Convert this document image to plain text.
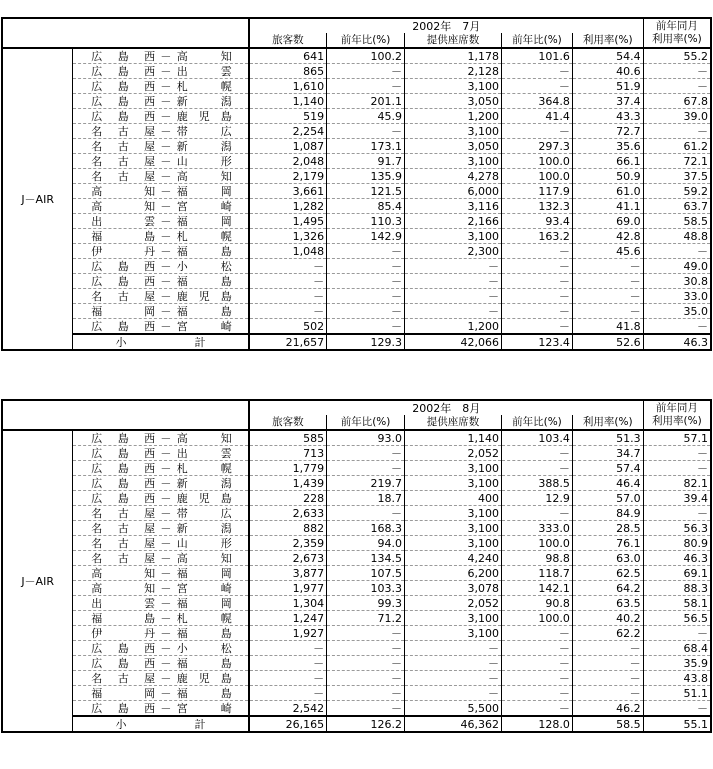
		2002年　7月					前年同月
利用率(%)

		旅客数	前年比(%)	提供座席数	前年比(%)	利用率(%)	
J－AIR	広島西 － 高　知	641	100.2	1,178	101.6	54.4	55.2

	広島西 － 出　雲	865	－	2,128	－	40.6	－

	広島西 － 札　幌	1,610	－	3,100	－	51.9	－

	広島西 － 新　潟	1,140	201.1	3,050	364.8	37.4	67.8

	広島西 － 鹿児島	519	45.9	1,200	41.4	43.3	39.0

	名古屋 － 帯　広	2,254	－	3,100	－	72.7	－

	名古屋 － 新　潟	1,087	173.1	3,050	297.3	35.6	61.2

	名古屋 － 山　形	2,048	91.7	3,100	100.0	66.1	72.1

	名古屋 － 高　知	2,179	135.9	4,278	100.0	50.9	37.5

	高　知 － 福　岡	3,661	121.5	6,000	117.9	61.0	59.2

	高　知 － 宮　崎	1,282	85.4	3,116	132.3	41.1	63.7

	出　雲 － 福　岡	1,495	110.3	2,166	93.4	69.0	58.5

	福　島 － 札　幌	1,326	142.9	3,100	163.2	42.8	48.8

	伊　丹 － 福　島	1,048	－	2,300	－	45.6	－

	広島西 － 小　松	－	－	－	－	－	49.0

	広島西 － 福　島	－	－	－	－	－	30.8

	名古屋 － 鹿児島	－	－	－	－	－	33.0

	福　岡 － 福　島	－	－	－	－	－	35.0

	広島西 － 宮　崎	502	－	1,200	－	41.8	－
	小　　計	21,657	129.3	42,066	123.4	52.6	46.3
		2002年　8月					前年同月
利用率(%)

		旅客数	前年比(%)	提供座席数	前年比(%)	利用率(%)	
J－AIR	広島西 － 高　知	585	93.0	1,140	103.4	51.3	57.1

	広島西 － 出　雲	713	－	2,052	－	34.7	－

	広島西 － 札　幌	1,779	－	3,100	－	57.4	－

	広島西 － 新　潟	1,439	219.7	3,100	388.5	46.4	82.1

	広島西 － 鹿児島	228	18.7	400	12.9	57.0	39.4

	名古屋 － 帯　広	2,633	－	3,100	－	84.9	－

	名古屋 － 新　潟	882	168.3	3,100	333.0	28.5	56.3

	名古屋 － 山　形	2,359	94.0	3,100	100.0	76.1	80.9

	名古屋 － 高　知	2,673	134.5	4,240	98.8	63.0	46.3

	高　知 － 福　岡	3,877	107.5	6,200	118.7	62.5	69.1

	高　知 － 宮　崎	1,977	103.3	3,078	142.1	64.2	88.3

	出　雲 － 福　岡	1,304	99.3	2,052	90.8	63.5	58.1

	福　島 － 札　幌	1,247	71.2	3,100	100.0	40.2	56.5

	伊　丹 － 福　島	1,927	－	3,100	－	62.2	－

	広島西 － 小　松	－	－	－	－	－	68.4

	広島西 － 福　島	－	－	－	－	－	35.9

	名古屋 － 鹿児島	－	－	－	－	－	43.8

	福　岡 － 福　島	－	－	－	－	－	51.1

	広島西 － 宮　崎	2,542	－	5,500	－	46.2	－
	小　　計	26,165	126.2	46,362	128.0	58.5	55.1
